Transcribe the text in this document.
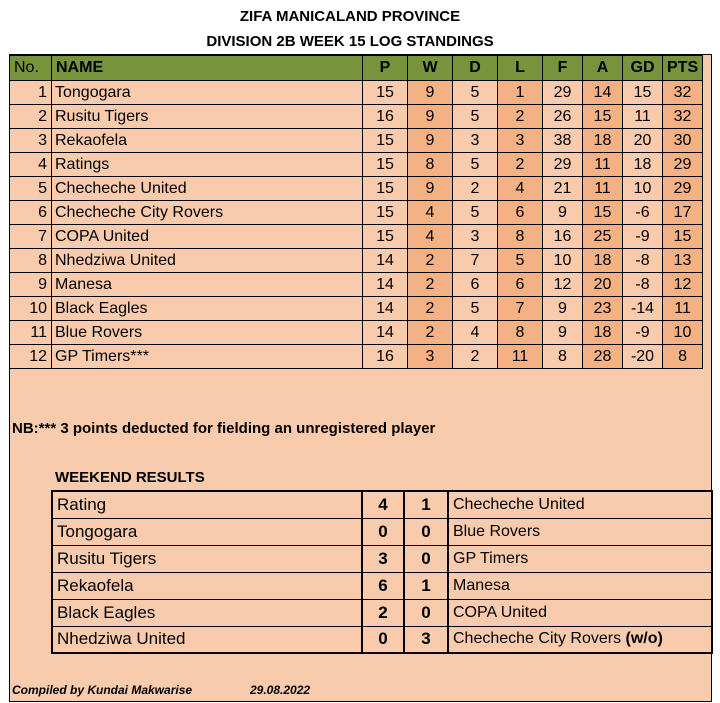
ZIFA MANICALAND PROVINCE
DIVISION 2B WEEK 15 LOG STANDINGS
No.	NAME	P	W	D	L	F	A	GD	PTS
1	Tongogara	15	9	5	1	29	14	15	32
2	Rusitu Tigers	16	9	5	2	26	15	11	32
3	Rekaofela	15	9	3	3	38	18	20	30
4	Ratings	15	8	5	2	29	11	18	29
5	Checheche United	15	9	2	4	21	11	10	29
6	Checheche City Rovers	15	4	5	6	9	15	-6	17
7	COPA United	15	4	3	8	16	25	-9	15
8	Nhedziwa United	14	2	7	5	10	18	-8	13
9	Manesa	14	2	6	6	12	20	-8	12
10	Black Eagles	14	2	5	7	9	23	-14	11
11	Blue Rovers	14	2	4	8	9	18	-9	10
12	GP Timers***	16	3	2	11	8	28	-20	8
NB:*** 3 points deducted for fielding an unregistered player
WEEKEND RESULTS
Rating	4	1	Checheche United
Tongogara	0	0	Blue Rovers
Rusitu Tigers	3	0	GP Timers
Rekaofela	6	1	Manesa
Black Eagles	2	0	COPA United
Nhedziwa United	0	3	Checheche City Rovers (w/o)
Compiled by Kundai Makwarise	29.08.2022
